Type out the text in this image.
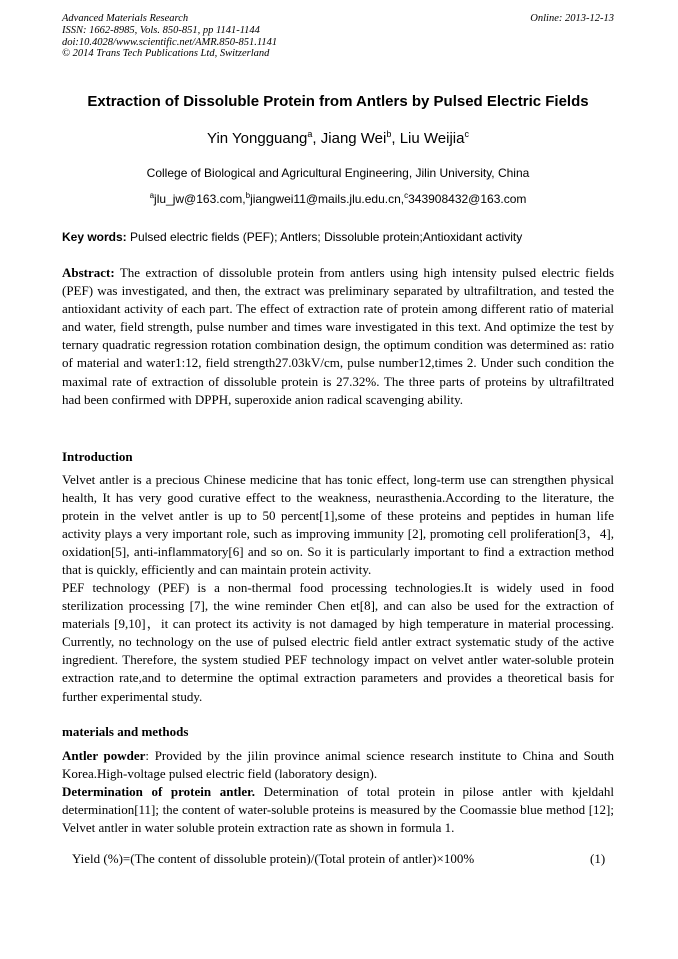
Advanced Materials Research
ISSN: 1662-8985, Vols. 850-851, pp 1141-1144
doi:10.4028/www.scientific.net/AMR.850-851.1141
© 2014 Trans Tech Publications Ltd, Switzerland
Online: 2013-12-13
Extraction of Dissoluble Protein from Antlers by Pulsed Electric Fields
Yin Yongguang$^a$, Jiang Wei$^b$, Liu Weijia$^c$
College of Biological and Agricultural Engineering, Jilin University, China
$^a$jlu_jw@163.com,$^b$jiangwei11@mails.jlu.edu.cn,$^c$343908432@163.com
Key words: Pulsed electric fields (PEF); Antlers; Dissoluble protein;Antioxidant activity

Abstract: The extraction of dissoluble protein from antlers using high intensity pulsed electric fields (PEF) was investigated, and then, the extract was preliminary separated by ultrafiltration, and tested the antioxidant activity of each part. The effect of extraction rate of protein among different ratio of material and water, field strength, pulse number and times ware investigated in this text. And optimize the test by ternary quadratic regression rotation combination design, the optimum condition was determined as: ratio of material and water1:12, field strength27.03kV/cm, pulse number12,times 2. Under such condition the maximal rate of extraction of dissoluble protein is 27.32%. The three parts of proteins by ultrafiltrated had been confirmed with DPPH, superoxide anion radical scavenging ability.

Introduction

Velvet antler is a precious Chinese medicine that has tonic effect, long-term use can strengthen physical health, It has very good curative effect to the weakness, neurasthenia.According to the literature, the protein in the velvet antler is up to 50 percent[1],some of these proteins and peptides in human life activity plays a very important role, such as improving immunity [2], promoting cell proliferation[3，4], oxidation[5], anti-inflammatory[6] and so on. So it is particularly important to find a extraction method that is quickly, efficiently and can maintain protein activity.

PEF technology (PEF) is a non-thermal food processing technologies.It is widely used in food sterilization processing [7], the wine reminder Chen et[8], and can also be used for the extraction of materials [9,10]，it can protect its activity is not damaged by high temperature in material processing. Currently, no technology on the use of pulsed electric field antler extract systematic study of the active ingredient. Therefore, the system studied PEF technology impact on velvet antler water-soluble protein extraction rate,and to determine the optimal extraction parameters and provides a theoretical basis for further experimental study.

materials and methods

Antler powder: Provided by the jilin province animal science research institute to China and South Korea.High-voltage pulsed electric field (laboratory design).

Determination of protein antler. Determination of total protein in pilose antler with kjeldahl determination[11]; the content of water-soluble proteins is measured by the Coomassie blue method [12]; Velvet antler in water soluble protein extraction rate as shown in formula 1.

Yield (%)=(The content of dissoluble protein)/(Total protein of antler)×100%	(1)
